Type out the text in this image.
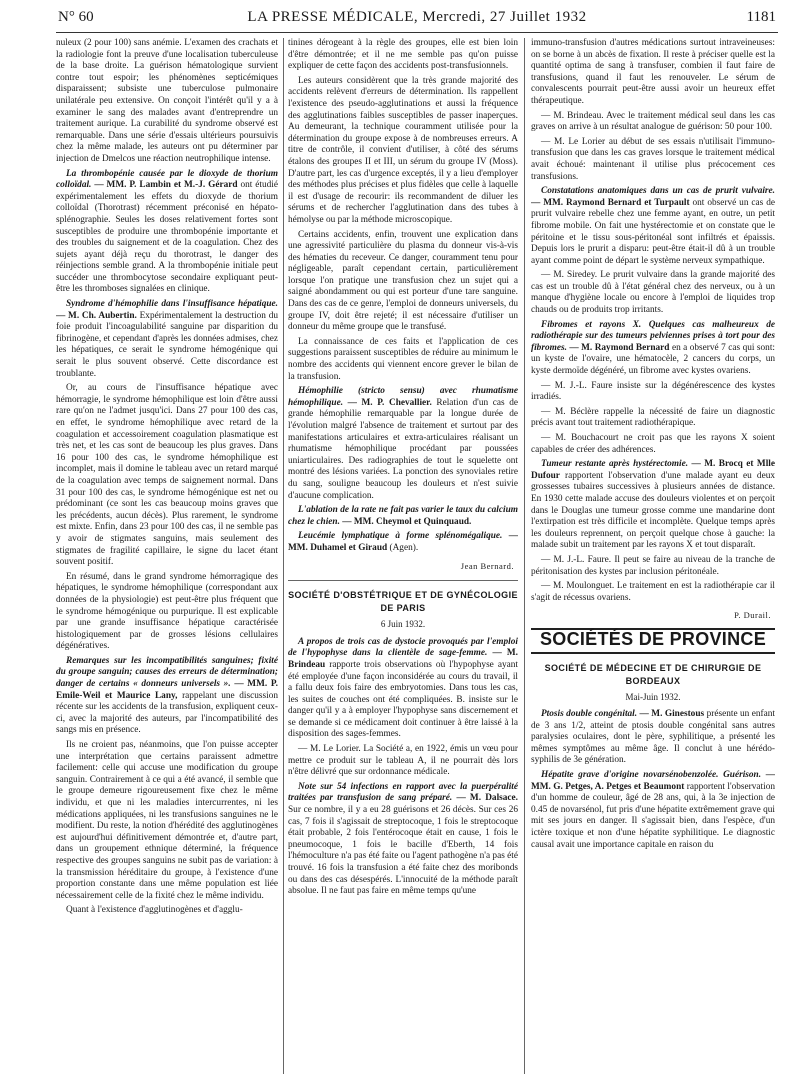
N° 60	LA PRESSE MÉDICALE, Mercredi, 27 Juillet 1932	1181

nuleux (2 pour 100) sans anémie. L'examen des crachats et la radiologie font la preuve d'une localisation tuberculeuse de la base droite. La guérison hématologique survient contre tout espoir; les phénomènes septicémiques disparaissent; subsiste une tuberculose pulmonaire unilatérale peu extensive. On conçoit l'intérêt qu'il y a à examiner le sang des malades avant d'entreprendre un traitement aurique. La curabilité du syndrome observé est remarquable. Dans une série d'essais ultérieurs poursuivis chez la même malade, les auteurs ont pu déterminer par injection de Dmelcos une réaction neutrophilique intense.

La thrombopénie causée par le dioxyde de thorium colloïdal. — MM. P. Lambin et M.-J. Gérard ont étudié expérimentalement les effets du dioxyde de thorium colloïdal (Thorotrast) récemment préconisé en hépato-splénographie. Seules les doses relativement fortes sont susceptibles de produire une thrombopénie importante et des troubles du saignement et de la coagulation. Chez des sujets ayant déjà reçu du thorotrast, le danger des réinjections semble grand. A la thrombopénie initiale peut succéder une thrombocytose secondaire expliquant peut-être les thromboses signalées en clinique.

Syndrome d'hémophilie dans l'insuffisance hépatique. — M. Ch. Aubertin. Expérimentalement la destruction du foie produit l'incoagulabilité sanguine par disparition du fibrinogène, et cependant d'après les données admises, chez les hépatiques, ce serait le syndrome hémogénique qui serait le plus souvent observé. Cette discordance est troublante.

Or, au cours de l'insuffisance hépatique avec hémorragie, le syndrome hémophilique est loin d'être aussi rare qu'on ne l'admet jusqu'ici. Dans 27 pour 100 des cas, en effet, le syndrome hémophilique avec retard de la coagulation et accessoirement coagulation plasmatique est très net, et les cas sont de beaucoup les plus graves. Dans 16 pour 100 des cas, le syndrome hémophilique est incomplet, mais il domine le tableau avec un retard marqué de la coagulation avec temps de saignement normal. Dans 31 pour 100 des cas, le syndrome hémogénique est net ou prédominant (ce sont les cas beaucoup moins graves que les précédents, aucun décès). Plus rarement, le syndrome est mixte. Enfin, dans 23 pour 100 des cas, il ne semble pas y avoir de stigmates sanguins, mais seulement des stigmates de fragilité capillaire, le signe du lacet étant souvent positif.

En résumé, dans le grand syndrome hémorragique des hépatiques, le syndrome hémophilique (correspondant aux données de la physiologie) est peut-être plus fréquent que le syndrome hémogénique ou purpurique. Il est explicable par une grande insuffisance hépatique caractérisée histologiquement par de grosses lésions cellulaires dégénératives.

Remarques sur les incompatibilités sanguines; fixité du groupe sanguin; causes des erreurs de détermination; danger de certains « donneurs universels ». — MM. P. Emile-Weil et Maurice Lany, rappelant une discussion récente sur les accidents de la transfusion, expliquent ceux-ci, avec la majorité des auteurs, par l'incompatibilité des sangs mis en présence.

Ils ne croient pas, néanmoins, que l'on puisse accepter une interprétation que certains paraissent admettre facilement: celle qui accuse une modification du groupe sanguin. Contrairement à ce qui a été avancé, il semble que le groupe demeure rigoureusement fixe chez le même individu, et que ni les maladies intercurrentes, ni les médications appliquées, ni les transfusions sanguines ne le modifient. Du reste, la notion d'hérédité des agglutinogènes est aujourd'hui définitivement démontrée et, d'autre part, dans un groupement ethnique déterminé, la fréquence respective des groupes sanguins ne subit pas de variation: à la transmission héréditaire du groupe, à l'existence d'une proportion constante dans une même population est liée nécessairement celle de la fixité chez le même individu.

Quant à l'existence d'agglutinogènes et d'agglu-

tinines dérogeant à la règle des groupes, elle est bien loin d'être démontrée; et il ne me semble pas qu'on puisse expliquer de cette façon des accidents post-transfusionnels.

Les auteurs considèrent que la très grande majorité des accidents relèvent d'erreurs de détermination. Ils rappellent l'existence des pseudo-agglutinations et aussi la fréquence des agglutinations faibles susceptibles de passer inaperçues. Au demeurant, la technique couramment utilisée pour la détermination du groupe expose à de nombreuses erreurs. A titre de contrôle, il convient d'utiliser, à côté des sérums étalons des groupes II et III, un sérum du groupe IV (Moss). D'autre part, les cas d'urgence exceptés, il y a lieu d'employer des méthodes plus précises et plus fidèles que celle à laquelle il est d'usage de recourir: ils recommandent de diluer les sérums et de rechercher l'agglutination dans des tubes à hémolyse ou par la méthode microscopique.

Certains accidents, enfin, trouvent une explication dans une agressivité particulière du plasma du donneur vis-à-vis des hématies du receveur. Ce danger, couramment tenu pour négligeable, paraît cependant certain, particulièrement lorsque l'on pratique une transfusion chez un sujet qui a saigné abondamment ou qui est porteur d'une tare sanguine. Dans des cas de ce genre, l'emploi de donneurs universels, du groupe IV, doit être rejeté; il est nécessaire d'utiliser un donneur du même groupe que le transfusé.

La connaissance de ces faits et l'application de ces suggestions paraissent susceptibles de réduire au minimum le nombre des accidents qui viennent encore grever le bilan de la transfusion.

Hémophilie (stricto sensu) avec rhumatisme hémophilique. — M. P. Chevallier. Relation d'un cas de grande hémophilie remarquable par la longue durée de l'évolution malgré l'absence de traitement et surtout par des manifestations articulaires et extra-articulaires réalisant un rhumatisme hémophilique procédant par poussées uniarticulaires. Des radiographies de tout le squelette ont montré des lésions variées. La ponction des synoviales retire du sang, souligne beaucoup les douleurs et n'est suivie d'aucune complication.

L'ablation de la rate ne fait pas varier le taux du calcium chez le chien. — MM. Cheymol et Quinquaud.

Leucémie lymphatique à forme splénomégalique. — MM. Duhamel et Giraud (Agen).

Jean Bernard.
SOCIÉTÉ D'OBSTÉTRIQUE ET DE GYNÉCOLOGIE DE PARIS
6 Juin 1932.

A propos de trois cas de dystocie provoqués par l'emploi de l'hypophyse dans la clientèle de sage-femme. — M. Brindeau rapporte trois observations où l'hypophyse ayant été employée d'une façon inconsidérée au cours du travail, il a fallu deux fois faire des embryotomies. Dans tous les cas, les suites de couches ont été compliquées. B. insiste sur le danger qu'il y a à employer l'hypophyse sans discernement et se demande si ce médicament doit continuer à être laissé à la disposition des sages-femmes.

— M. Le Lorier. La Société a, en 1922, émis un vœu pour mettre ce produit sur le tableau A, il ne pourrait dès lors n'être délivré que sur ordonnance médicale.

Note sur 54 infections en rapport avec la puerpéralité traitées par transfusion de sang préparé. — M. Dalsace. Sur ce nombre, il y a eu 28 guérisons et 26 décès. Sur ces 26 cas, 7 fois il s'agissait de streptocoque, 1 fois le streptocoque était probable, 2 fois l'entérocoque était en cause, 1 fois le pneumocoque, 1 fois le bacille d'Eberth, 14 fois l'hémoculture n'a pas été faite ou l'agent pathogène n'a pas été trouvé. 16 fois la transfusion a été faite chez des moribonds ou dans des cas désespérés. L'innocuité de la méthode paraît absolue. Il ne faut pas faire en même temps qu'une

immuno-transfusion d'autres médications surtout intraveineuses: on se borne à un abcès de fixation. Il reste à préciser quelle est la quantité optima de sang à transfuser, combien il faut faire de transfusions, quand il faut les renouveler. Le sérum de convalescents pourrait peut-être aussi avoir un heureux effet thérapeutique.

— M. Brindeau. Avec le traitement médical seul dans les cas graves on arrive à un résultat analogue de guérison: 50 pour 100.

— M. Le Lorier au début de ses essais n'utilisait l'immuno-transfusion que dans les cas graves lorsque le traitement médical avait échoué: maintenant il utilise plus précocement ces transfusions.

Constatations anatomiques dans un cas de prurit vulvaire. — MM. Raymond Bernard et Turpault ont observé un cas de prurit vulvaire rebelle chez une femme ayant, en outre, un petit fibrome mobile. On fait une hystérectomie et on constate que le péritoine et le tissu sous-péritonéal sont infiltrés et épaissis. Depuis lors le prurit a disparu: peut-être était-il dû à un trouble ayant comme point de départ le système nerveux sympathique.

— M. Siredey. Le prurit vulvaire dans la grande majorité des cas est un trouble dû à l'état général chez des nerveux, ou à un manque d'hygiène locale ou encore à l'emploi de liquides trop chauds ou de produits trop irritants.

Fibromes et rayons X. Quelques cas malheureux de radiothérapie sur des tumeurs pelviennes prises à tort pour des fibromes. — M. Raymond Bernard en a observé 7 cas qui sont: un kyste de l'ovaire, une hématocèle, 2 cancers du corps, un kyste dermoïde dégénéré, un fibrome avec kystes ovariens.

— M. J.-L. Faure insiste sur la dégénérescence des kystes irradiés.

— M. Béclère rappelle la nécessité de faire un diagnostic précis avant tout traitement radiothérapique.

— M. Bouchacourt ne croit pas que les rayons X soient capables de créer des adhérences.

Tumeur restante après hystérectomie. — M. Brocq et Mlle Dufour rapportent l'observation d'une malade ayant eu deux grossesses tubaires successives à plusieurs années de distance. En 1930 cette malade accuse des douleurs violentes et on perçoit dans le Douglas une tumeur grosse comme une mandarine dont l'extirpation est très difficile et incomplète. Quelque temps après les douleurs reprennent, on perçoit quelque chose à gauche: la malade subit un traitement par les rayons X et tout disparaît.

— M. J.-L. Faure. Il peut se faire au niveau de la tranche de péritonisation des kystes par inclusion péritonéale.

— M. Moulonguet. Le traitement en est la radiothérapie car il s'agit de récessus ovariens.

P. Durail.
SOCIÉTÉS DE PROVINCE
SOCIÉTÉ DE MÉDECINE ET DE CHIRURGIE DE BORDEAUX
Mai-Juin 1932.

Ptosis double congénital. — M. Ginestous présente un enfant de 3 ans 1/2, atteint de ptosis double congénital sans autres paralysies oculaires, dont le père, syphilitique, a présenté les mêmes symptômes au même âge. Il conclut à une hérédo-syphilis de 3e génération.

Hépatite grave d'origine novarsénobenzolée. Guérison. — MM. G. Petges, A. Petges et Beaumont rapportent l'observation d'un homme de couleur, âgé de 28 ans, qui, à la 3e injection de 0.45 de novarsénol, fut pris d'une hépatite extrêmement grave qui mit ses jours en danger. Il s'agissait bien, dans l'espèce, d'un ictère toxique et non d'une hépatite syphilitique. Le diagnostic causal avait une importance capitale en raison du
